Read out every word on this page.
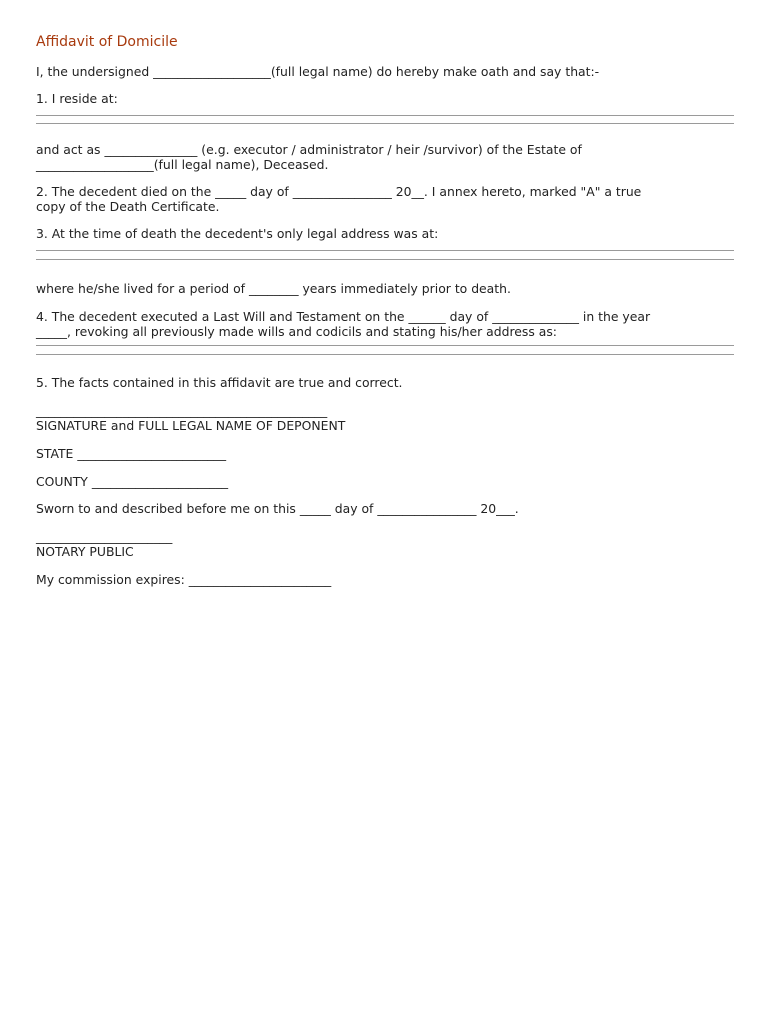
Affidavit of Domicile

I, the undersigned ___________________(full legal name) do hereby make oath and say that:-

1. I reside at:

and act as _______________ (e.g. executor / administrator / heir /survivor) of the Estate of
___________________(full legal name), Deceased.

2. The decedent died on the _____ day of ________________ 20__. I annex hereto, marked "A" a true
copy of the Death Certificate.

3. At the time of death the decedent's only legal address was at:

where he/she lived for a period of ________ years immediately prior to death.

4. The decedent executed a Last Will and Testament on the ______ day of ______________ in the year
_____, revoking all previously made wills and codicils and stating his/her address as:

5. The facts contained in this affidavit are true and correct.

_______________________________________________

SIGNATURE and FULL LEGAL NAME OF DEPONENT

STATE ________________________

COUNTY ______________________

Sworn to and described before me on this _____ day of ________________ 20___.

______________________

NOTARY PUBLIC

My commission expires: _______________________
